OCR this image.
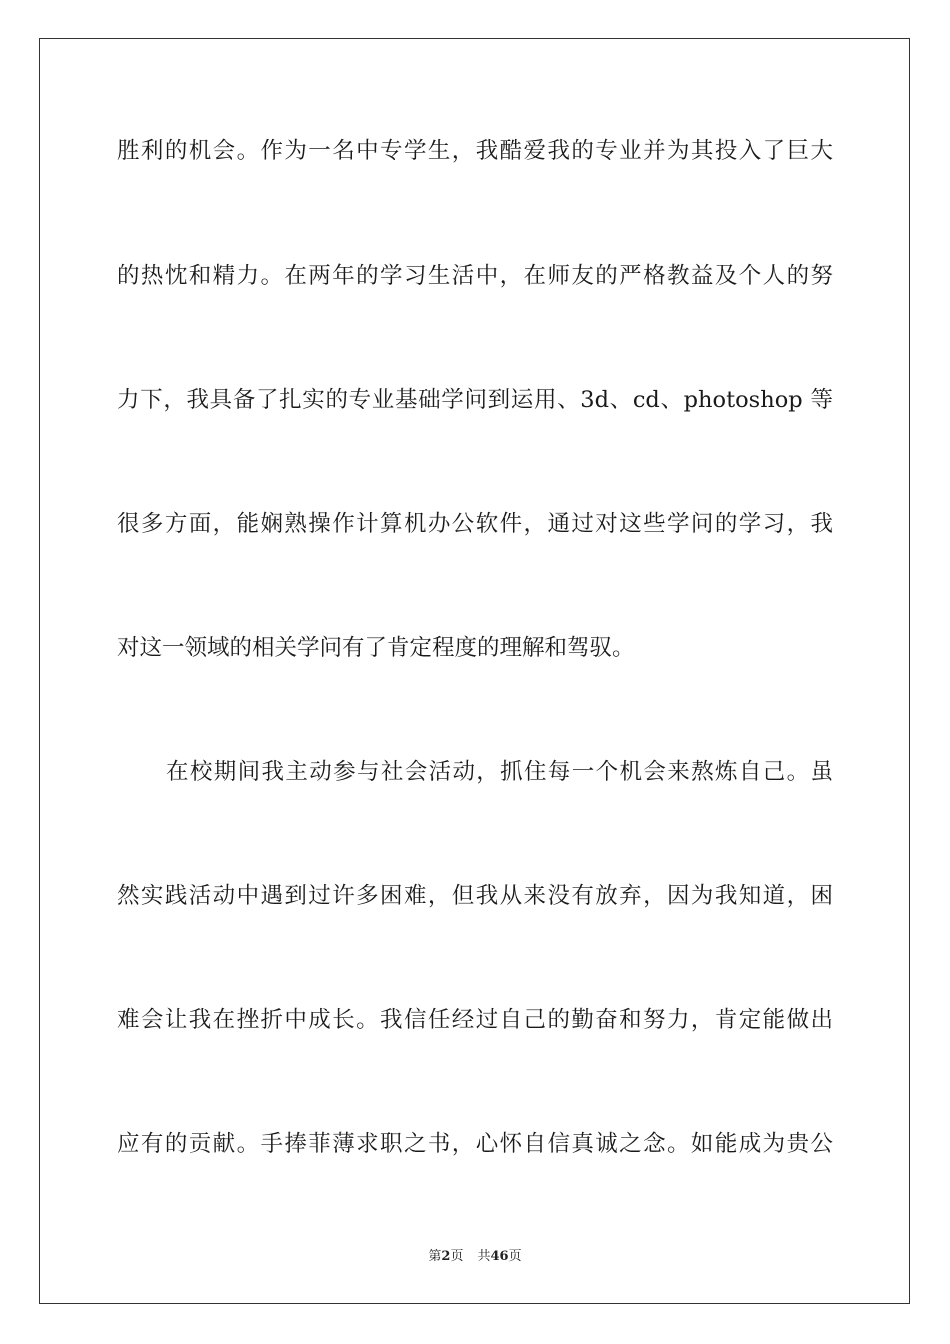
胜利的机会。作为一名中专学生，我酷爱我的专业并为其投入了巨大
的热忱和精力。在两年的学习生活中，在师友的严格教益及个人的努
力下，我具备了扎实的专业基础学问到运用、3d、cd、photoshop 等
很多方面，能娴熟操作计算机办公软件，通过对这些学问的学习，我
对这一领域的相关学问有了肯定程度的理解和驾驭。
在校期间我主动参与社会活动，抓住每一个机会来熬炼自己。虽
然实践活动中遇到过许多困难，但我从来没有放弃，因为我知道，困
难会让我在挫折中成长。我信任经过自己的勤奋和努力，肯定能做出
应有的贡献。手捧菲薄求职之书，心怀自信真诚之念。如能成为贵公
第2页 共46页
